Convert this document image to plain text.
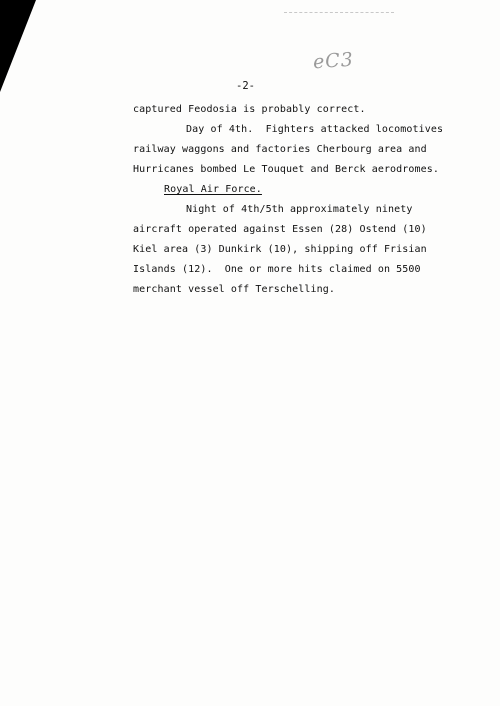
eC3
-2-
captured Feodosia is probably correct.
Day of 4th.  Fighters attacked locomotives
railway waggons and factories Cherbourg area and
Hurricanes bombed Le Touquet and Berck aerodromes.
Royal Air Force.
Night of 4th/5th approximately ninety
aircraft operated against Essen (28) Ostend (10)
Kiel area (3) Dunkirk (10), shipping off Frisian
Islands (12).  One or more hits claimed on 5500
merchant vessel off Terschelling.
